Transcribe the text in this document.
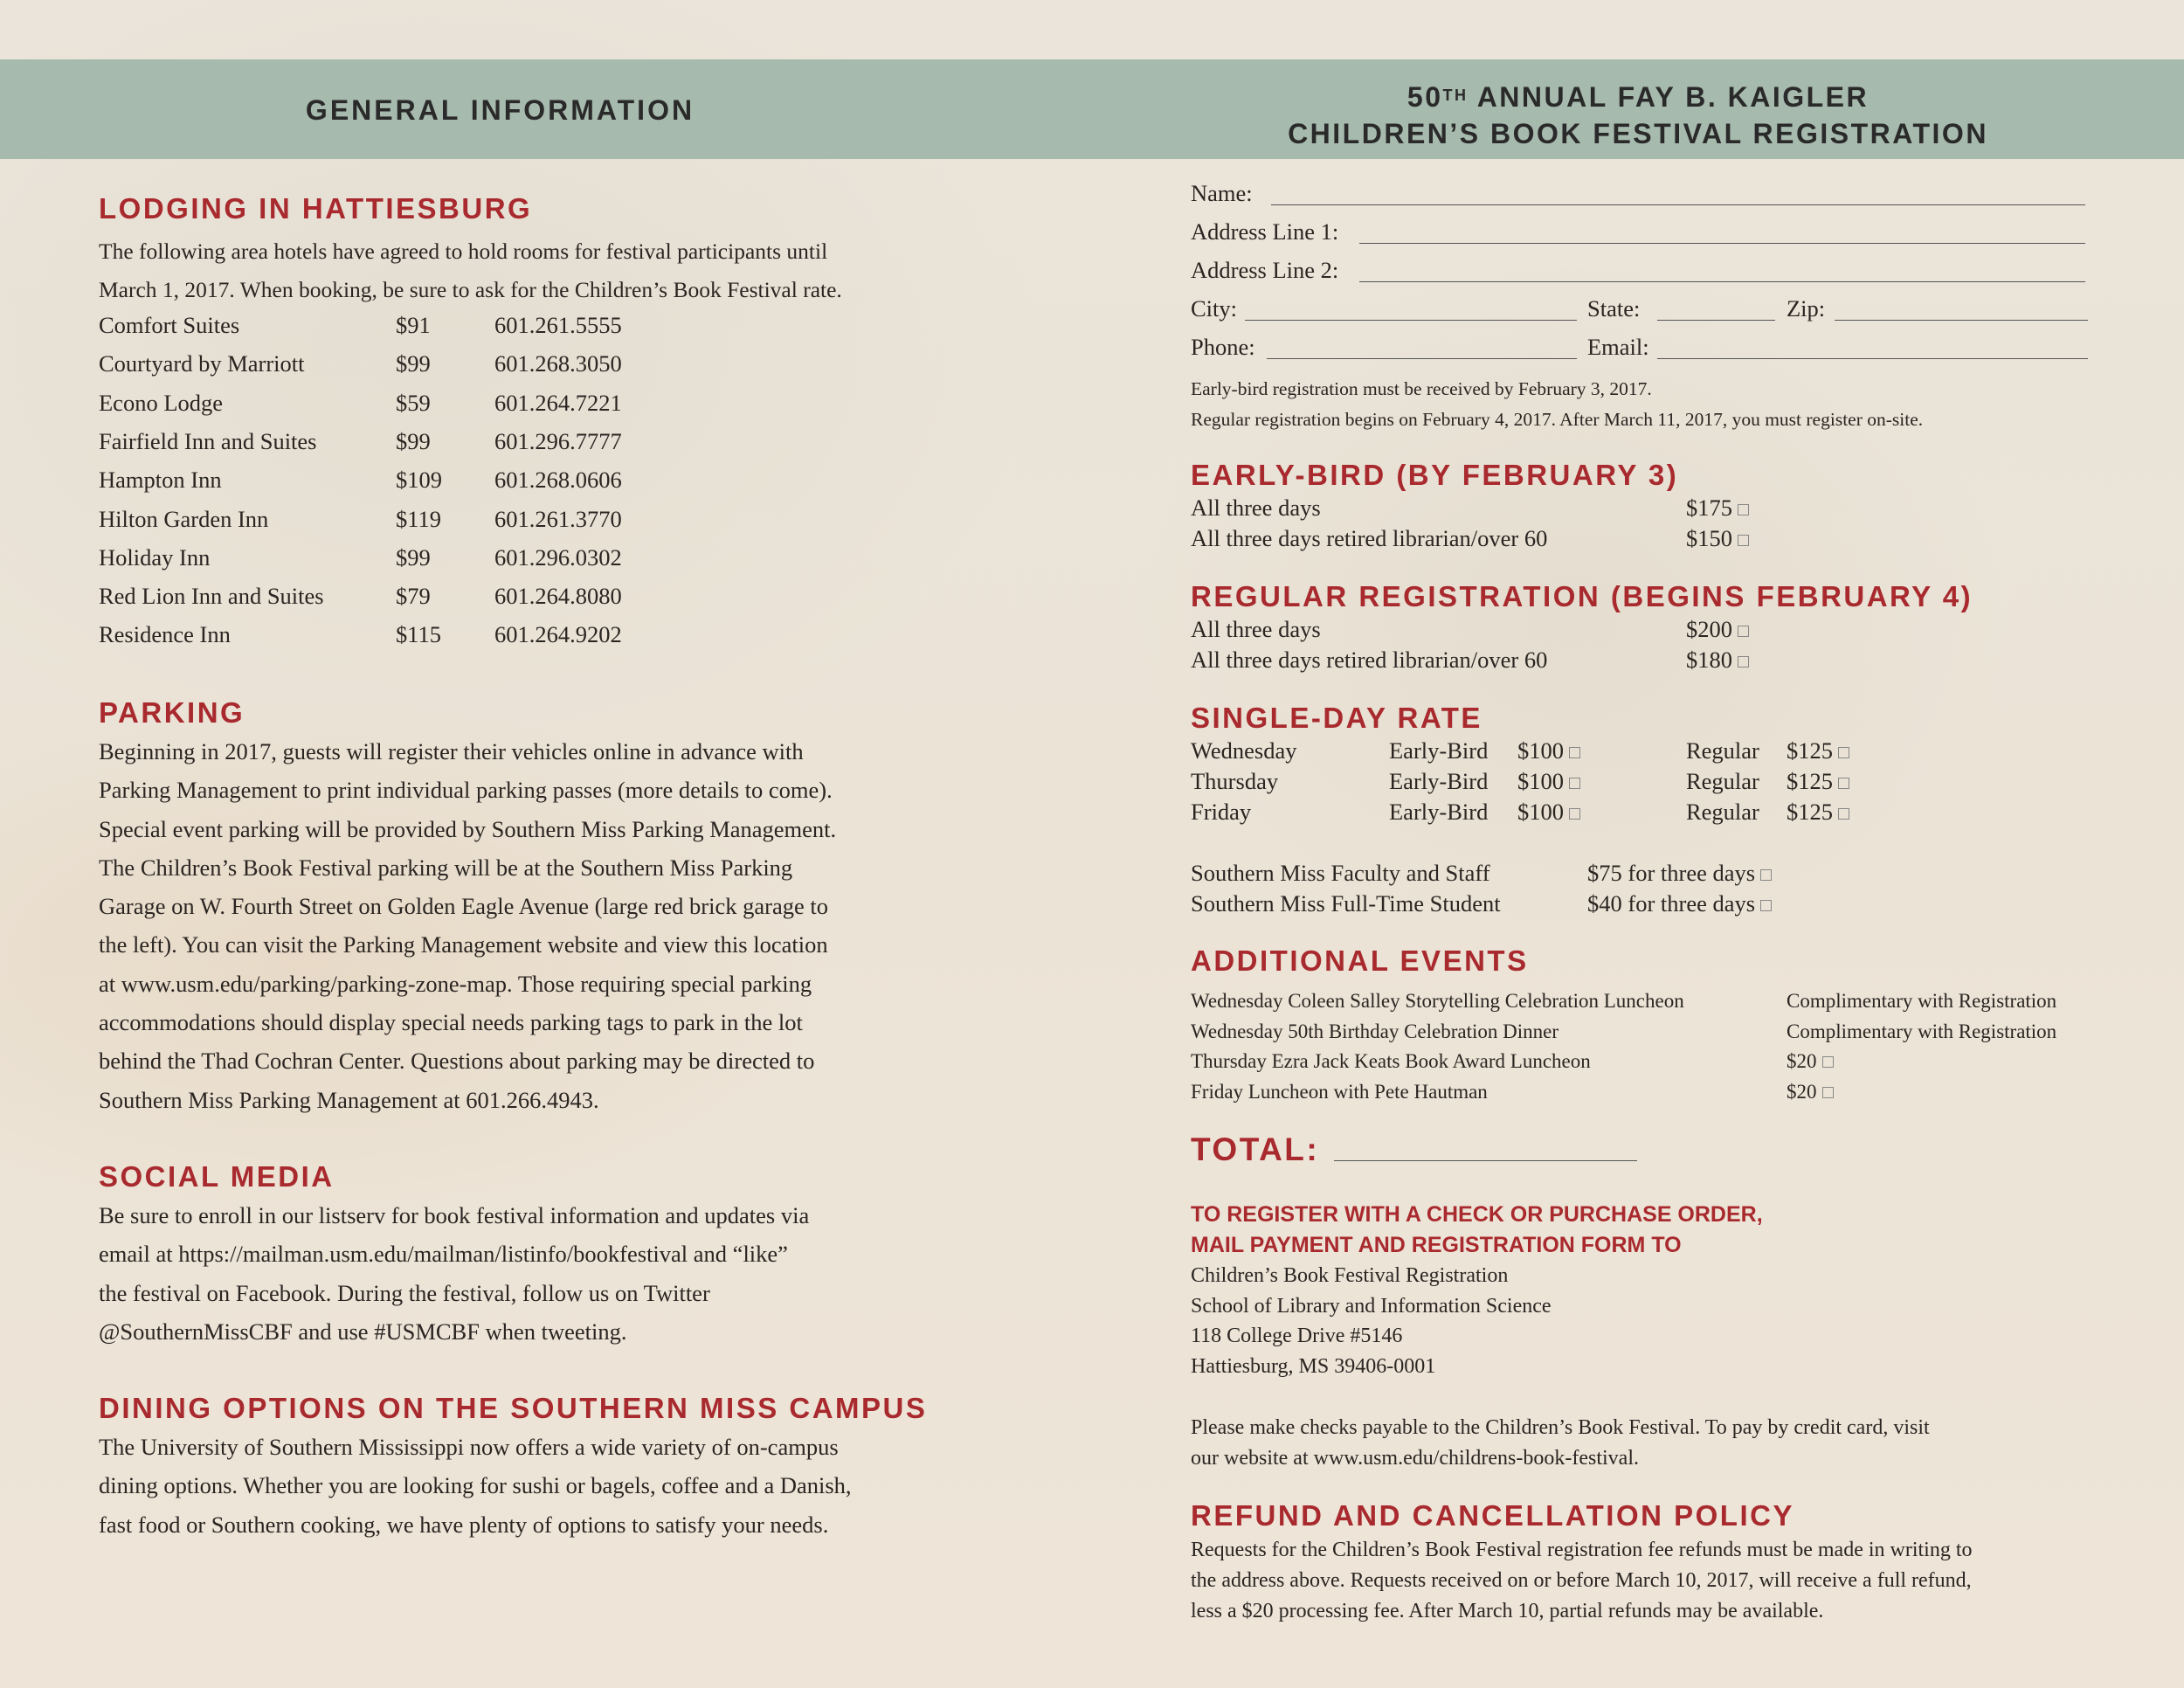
GENERAL INFORMATION	50TH ANNUAL FAY B. KAIGLER
CHILDREN’S BOOK FESTIVAL REGISTRATION
LODGING IN HATTIESBURG
The following area hotels have agreed to hold rooms for festival participants until
March 1, 2017. When booking, be sure to ask for the Children’s Book Festival rate.
Comfort Suites	$91	601.261.5555
Courtyard by Marriott	$99	601.268.3050
Econo Lodge	$59	601.264.7221
Fairfield Inn and Suites	$99	601.296.7777
Hampton Inn	$109 601.268.0606
Hilton Garden Inn	$119 601.261.3770
Holiday Inn	$99	601.296.0302
Red Lion Inn and Suites	$79	601.264.8080
Residence Inn	$115 601.264.9202
PARKING
Beginning in 2017, guests will register their vehicles online in advance with
Parking Management to print individual parking passes (more details to come).
Special event parking will be provided by Southern Miss Parking Management.
The Children’s Book Festival parking will be at the Southern Miss Parking
Garage on W. Fourth Street on Golden Eagle Avenue (large red brick garage to
the left). You can visit the Parking Management website and view this location
at www.usm.edu/parking/parking-zone-map. Those requiring special parking
accommodations should display special needs parking tags to park in the lot
behind the Thad Cochran Center. Questions about parking may be directed to
Southern Miss Parking Management at 601.266.4943.
SOCIAL MEDIA
Be sure to enroll in our listserv for book festival information and updates via
email at https://mailman.usm.edu/mailman/listinfo/bookfestival and “like”
the festival on Facebook. During the festival, follow us on Twitter
@SouthernMissCBF and use #USMCBF when tweeting.
DINING OPTIONS ON THE SOUTHERN MISS CAMPUS
The University of Southern Mississippi now offers a wide variety of on-campus
dining options. Whether you are looking for sushi or bagels, coffee and a Danish,
fast food or Southern cooking, we have plenty of options to satisfy your needs.
Name:
Address Line 1:
Address Line 2:
City:	State:	Zip:
Phone:	Email:
Early-bird registration must be received by February 3, 2017.
Regular registration begins on February 4, 2017. After March 11, 2017, you must register on-site.
EARLY-BIRD (BY FEBRUARY 3)
All three days	$175
All three days retired librarian/over 60	$150
REGULAR REGISTRATION (BEGINS FEBRUARY 4)
All three days	$200
All three days retired librarian/over 60	$180
SINGLE-DAY RATE
Wednesday	Early-Bird $100	Regular $125
Thursday	Early-Bird $100	Regular $125
Friday	Early-Bird $100	Regular $125
Southern Miss Faculty and Staff	$75 for three days
Southern Miss Full-Time Student	$40 for three days
ADDITIONAL EVENTS
Wednesday Coleen Salley Storytelling Celebration Luncheon	Complimentary with Registration
Wednesday 50th Birthday Celebration Dinner	Complimentary with Registration
Thursday Ezra Jack Keats Book Award Luncheon	$20
Friday Luncheon with Pete Hautman	$20
TOTAL:
TO REGISTER WITH A CHECK OR PURCHASE ORDER,
MAIL PAYMENT AND REGISTRATION FORM TO
Children’s Book Festival Registration
School of Library and Information Science
118 College Drive #5146
Hattiesburg, MS 39406-0001
Please make checks payable to the Children’s Book Festival. To pay by credit card, visit
our website at www.usm.edu/childrens-book-festival.
REFUND AND CANCELLATION POLICY
Requests for the Children’s Book Festival registration fee refunds must be made in writing to
the address above. Requests received on or before March 10, 2017, will receive a full refund,
less a $20 processing fee. After March 10, partial refunds may be available.
